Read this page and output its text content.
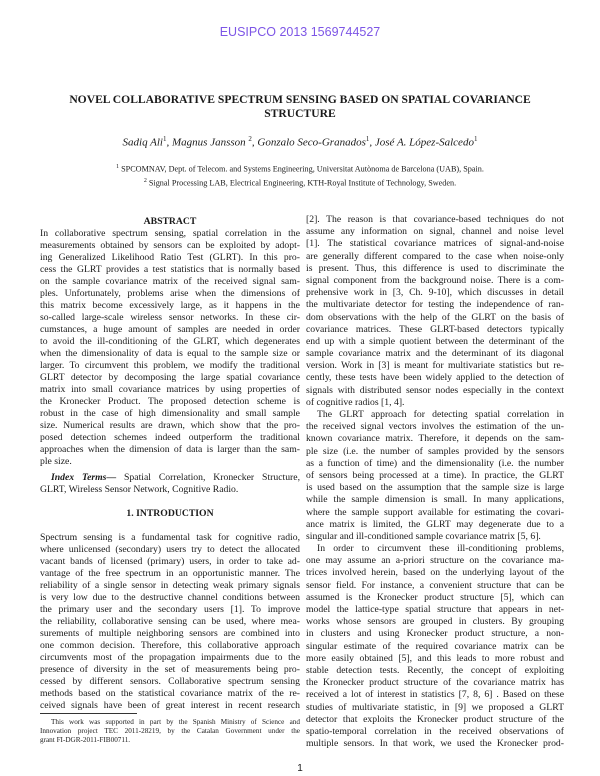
EUSIPCO 2013 1569744527
NOVEL COLLABORATIVE SPECTRUM SENSING BASED ON SPATIAL COVARIANCE STRUCTURE
Sadiq Ali$^1$, Magnus Jansson $^2$, Gonzalo Seco-Granados$^1$, José A. López-Salcedo$^1$
$^1$ SPCOMNAV, Dept. of Telecom. and Systems Engineering, Universitat Autònoma de Barcelona (UAB), Spain.
$^2$ Signal Processing LAB, Electrical Engineering, KTH-Royal Institute of Technology, Sweden.
ABSTRACT
In collaborative spectrum sensing, spatial correlation in the
measurements obtained by sensors can be exploited by adopt-
ing Generalized Likelihood Ratio Test (GLRT). In this pro-
cess the GLRT provides a test statistics that is normally based
on the sample covariance matrix of the received signal sam-
ples. Unfortunately, problems arise when the dimensions of
this matrix become excessively large, as it happens in the
so-called large-scale wireless sensor networks. In these cir-
cumstances, a huge amount of samples are needed in order
to avoid the ill-conditioning of the GLRT, which degenerates
when the dimensionality of data is equal to the sample size or
larger. To circumvent this problem, we modify the traditional
GLRT detector by decomposing the large spatial covariance
matrix into small covariance matrices by using properties of
the Kronecker Product. The proposed detection scheme is
robust in the case of high dimensionality and small sample
size. Numerical results are drawn, which show that the pro-
posed detection schemes indeed outperform the traditional
approaches when the dimension of data is larger than the sam-
ple size.
Index Terms— Spatial Correlation, Kronecker Structure,
GLRT, Wireless Sensor Network, Cognitive Radio.
1. INTRODUCTION
Spectrum sensing is a fundamental task for cognitive radio,
where unlicensed (secondary) users try to detect the allocated
vacant bands of licensed (primary) users, in order to take ad-
vantage of the free spectrum in an opportunistic manner. The
reliability of a single sensor in detecting weak primary signals
is very low due to the destructive channel conditions between
the primary user and the secondary users [1]. To improve
the reliability, collaborative sensing can be used, where mea-
surements of multiple neighboring sensors are combined into
one common decision. Therefore, this collaborative approach
circumvents most of the propagation impairments due to the
presence of diversity in the set of measurements being pro-
cessed by different sensors. Collaborative spectrum sensing
methods based on the statistical covariance matrix of the re-
ceived signals have been of great interest in recent research
This work was supported in part by the Spanish Ministry of Science and
Innovation project TEC 2011-28219, by the Catalan Government under the
grant FI-DGR-2011-FIB00711.
[2]. The reason is that covariance-based techniques do not
assume any information on signal, channel and noise level
[1]. The statistical covariance matrices of signal-and-noise
are generally different compared to the case when noise-only
is present. Thus, this difference is used to discriminate the
signal component from the background noise. There is a com-
prehensive work in [3, Ch. 9-10], which discusses in detail
the multivariate detector for testing the independence of ran-
dom observations with the help of the GLRT on the basis of
covariance matrices. These GLRT-based detectors typically
end up with a simple quotient between the determinant of the
sample covariance matrix and the determinant of its diagonal
version. Work in [3] is meant for multivariate statistics but re-
cently, these tests have been widely applied to the detection of
signals with distributed sensor nodes especially in the context
of cognitive radios [1, 4].
The GLRT approach for detecting spatial correlation in
the received signal vectors involves the estimation of the un-
known covariance matrix. Therefore, it depends on the sam-
ple size (i.e. the number of samples provided by the sensors
as a function of time) and the dimensionality (i.e. the number
of sensors being processed at a time). In practice, the GLRT
is used based on the assumption that the sample size is large
while the sample dimension is small. In many applications,
where the sample support available for estimating the covari-
ance matrix is limited, the GLRT may degenerate due to a
singular and ill-conditioned sample covariance matrix [5, 6].
In order to circumvent these ill-conditioning problems,
one may assume an a-priori structure on the covariance ma-
trices involved herein, based on the underlying layout of the
sensor field. For instance, a convenient structure that can be
assumed is the Kronecker product structure [5], which can
model the lattice-type spatial structure that appears in net-
works whose sensors are grouped in clusters. By grouping
in clusters and using Kronecker product structure, a non-
singular estimate of the required covariance matrix can be
more easily obtained [5], and this leads to more robust and
stable detection tests. Recently, the concept of exploiting
the Kronecker product structure of the covariance matrix has
received a lot of interest in statistics [7, 8, 6] . Based on these
studies of multivariate statistic, in [9] we proposed a GLRT
detector that exploits the Kronecker product structure of the
spatio-temporal correlation in the received observations of
multiple sensors. In that work, we used the Kronecker prod-
1
